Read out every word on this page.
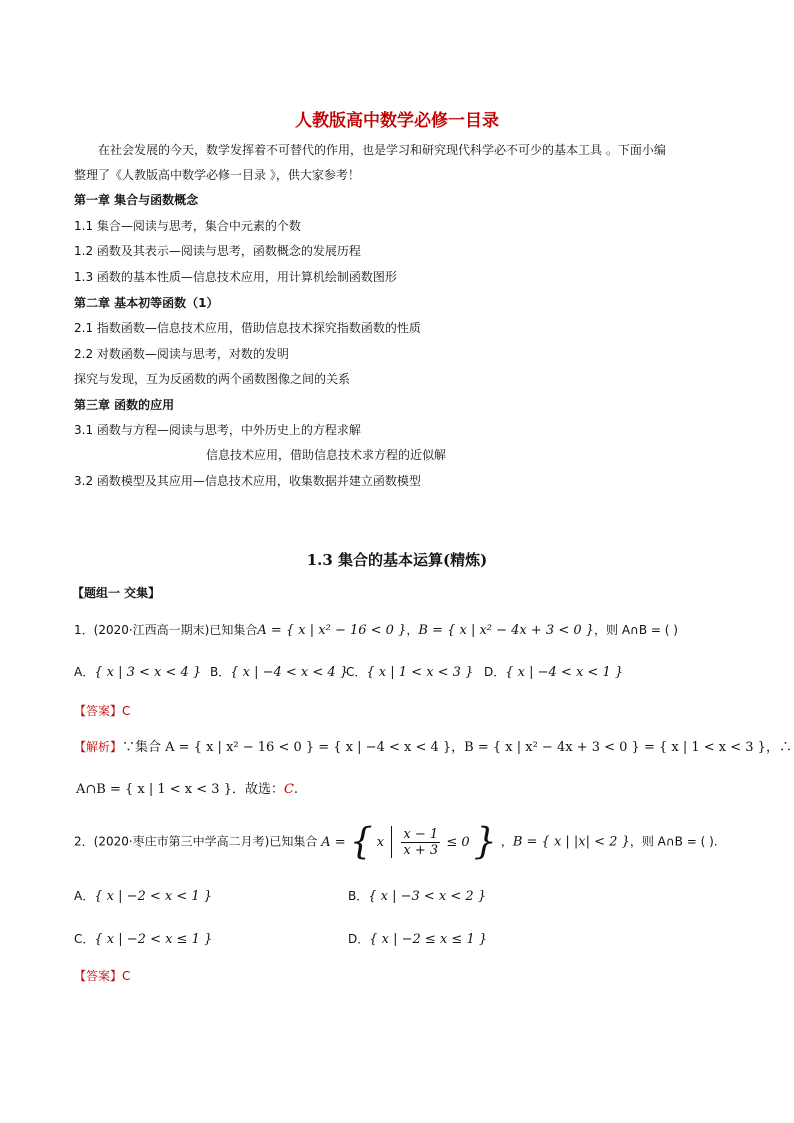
人教版高中数学必修一目录
在社会发展的今天，数学发挥着不可替代的作用，也是学习和研究现代科学必不可少的基本工具 。下面小编
整理了《人教版高中数学必修一目录 》，供大家参考！
第一章 集合与函数概念
1.1 集合—阅读与思考，集合中元素的个数
1.2 函数及其表示—阅读与思考，函数概念的发展历程
1.3 函数的基本性质—信息技术应用，用计算机绘制函数图形
第二章 基本初等函数（1）
2.1 指数函数—信息技术应用，借助信息技术探究指数函数的性质
2.2 对数函数—阅读与思考，对数的发明
探究与发现，互为反函数的两个函数图像之间的关系
第三章 函数的应用
3.1 函数与方程—阅读与思考，中外历史上的方程求解
信息技术应用，借助信息技术求方程的近似解
3.2 函数模型及其应用—信息技术应用，收集数据并建立函数模型
1.3 集合的基本运算(精炼)
【题组一 交集】
1．(2020·江西高一期末)已知集合A = { x | x² − 16 < 0 }，B = { x | x² − 4x + 3 < 0 }，则 A∩B = ( )
A．{ x | 3 < x < 4 } B．{ x | −4 < x < 4 }
C．{ x | 1 < x < 3 } D．{ x | −4 < x < 1 }
【答案】C
【解析】∵集合 A = { x | x² − 16 < 0 } = { x | −4 < x < 4 }，B = { x | x² − 4x + 3 < 0 } = { x | 1 < x < 3 }，∴
A∩B = { x | 1 < x < 3 }．故选：C.
2．(2020·枣庄市第三中学高二月考)已知集合 A = { x $\frac{x - 1}{x + 3} \le 0$ } ，B = { x | |x| < 2 }，则 A∩B = ( ).
A．{ x | −2 < x < 1 }	B．{ x | −3 < x < 2 }
C．{ x | −2 < x ≤ 1 }	D．{ x | −2 ≤ x ≤ 1 }
【答案】C
